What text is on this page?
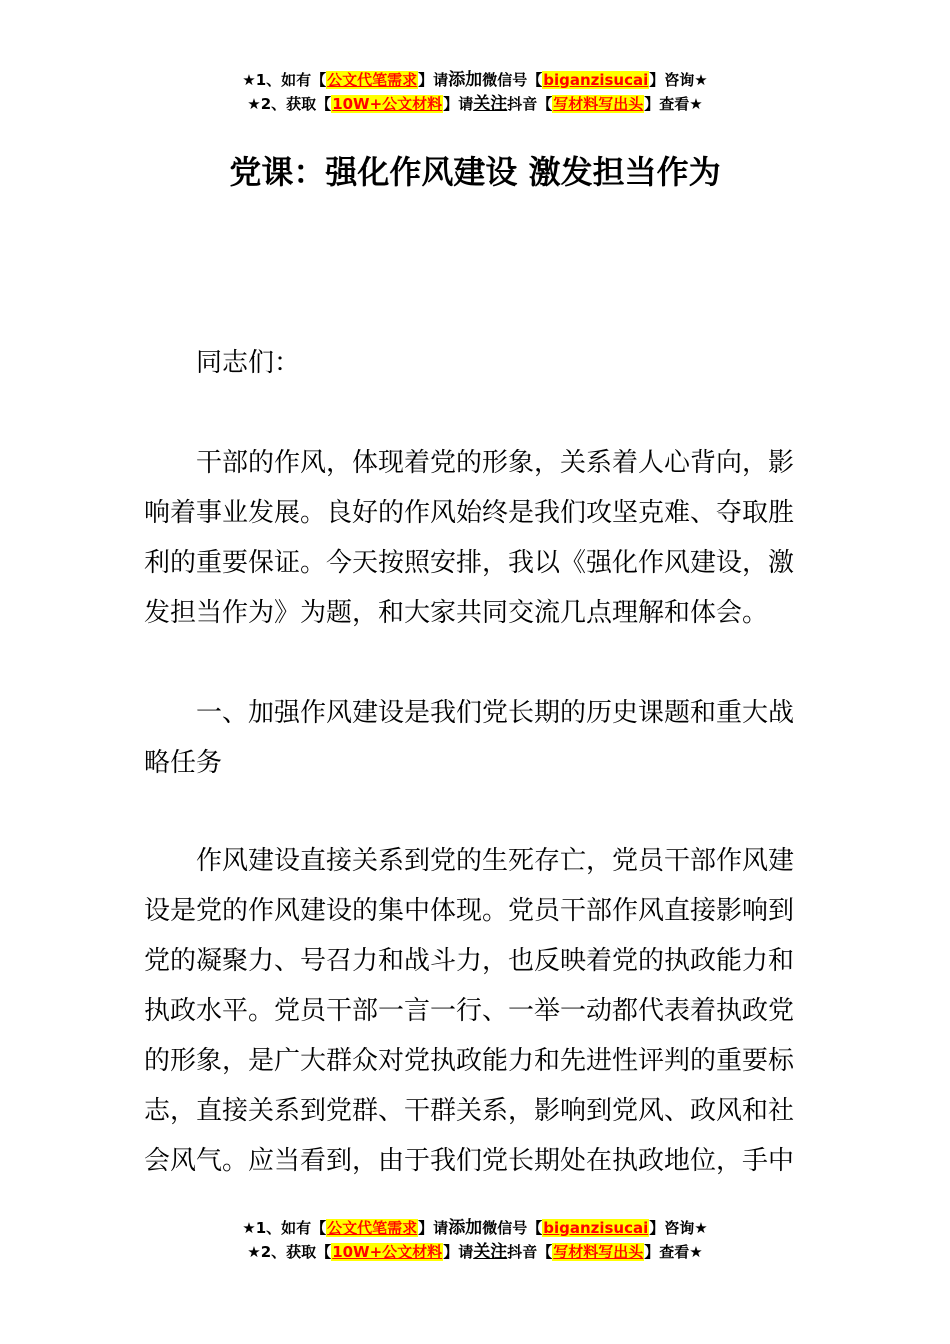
★1、如有【公文代笔需求】请添加微信号【biganzisucai】咨询★
★2、获取【10W+公文材料】请关注抖音【写材料写出头】查看★
党课：强化作风建设 激发担当作为

同志们：

干部的作风，体现着党的形象，关系着人心背向，影
响着事业发展。良好的作风始终是我们攻坚克难、夺取胜
利的重要保证。今天按照安排，我以《强化作风建设，激
发担当作为》为题，和大家共同交流几点理解和体会。
一、加强作风建设是我们党长期的历史课题和重大战
略任务
作风建设直接关系到党的生死存亡，党员干部作风建
设是党的作风建设的集中体现。党员干部作风直接影响到
党的凝聚力、号召力和战斗力，也反映着党的执政能力和
执政水平。党员干部一言一行、一举一动都代表着执政党
的形象，是广大群众对党执政能力和先进性评判的重要标
志，直接关系到党群、干群关系，影响到党风、政风和社
会风气。应当看到，由于我们党长期处在执政地位，手中
★1、如有【公文代笔需求】请添加微信号【biganzisucai】咨询★
★2、获取【10W+公文材料】请关注抖音【写材料写出头】查看★
